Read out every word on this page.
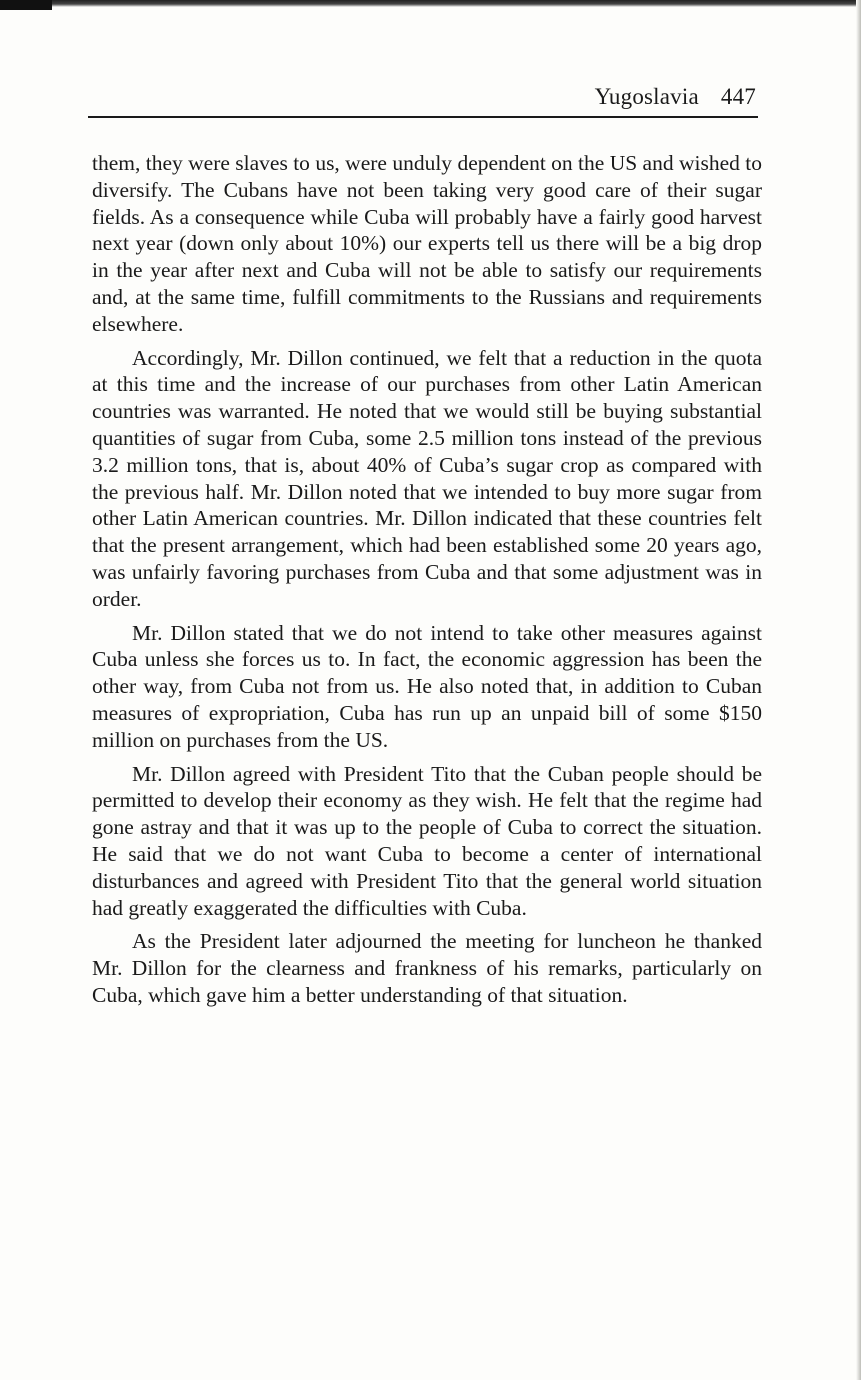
Yugoslavia 447

them, they were slaves to us, were unduly dependent on the US and wished to diversify. The Cubans have not been taking very good care of their sugar fields. As a consequence while Cuba will probably have a fairly good harvest next year (down only about 10%) our experts tell us there will be a big drop in the year after next and Cuba will not be able to satisfy our requirements and, at the same time, fulfill commitments to the Russians and requirements elsewhere.

Accordingly, Mr. Dillon continued, we felt that a reduction in the quota at this time and the increase of our purchases from other Latin American countries was warranted. He noted that we would still be buying substantial quantities of sugar from Cuba, some 2.5 million tons instead of the previous 3.2 million tons, that is, about 40% of Cuba’s sugar crop as compared with the previous half. Mr. Dillon noted that we intended to buy more sugar from other Latin American countries. Mr. Dillon indicated that these countries felt that the present arrangement, which had been established some 20 years ago, was unfairly favoring purchases from Cuba and that some adjustment was in order.

Mr. Dillon stated that we do not intend to take other measures against Cuba unless she forces us to. In fact, the economic aggression has been the other way, from Cuba not from us. He also noted that, in addition to Cuban measures of expropriation, Cuba has run up an unpaid bill of some $150 million on purchases from the US.

Mr. Dillon agreed with President Tito that the Cuban people should be permitted to develop their economy as they wish. He felt that the regime had gone astray and that it was up to the people of Cuba to correct the situation. He said that we do not want Cuba to become a center of international disturbances and agreed with President Tito that the general world situation had greatly exaggerated the difficulties with Cuba.

As the President later adjourned the meeting for luncheon he thanked Mr. Dillon for the clearness and frankness of his remarks, particularly on Cuba, which gave him a better understanding of that situation.
